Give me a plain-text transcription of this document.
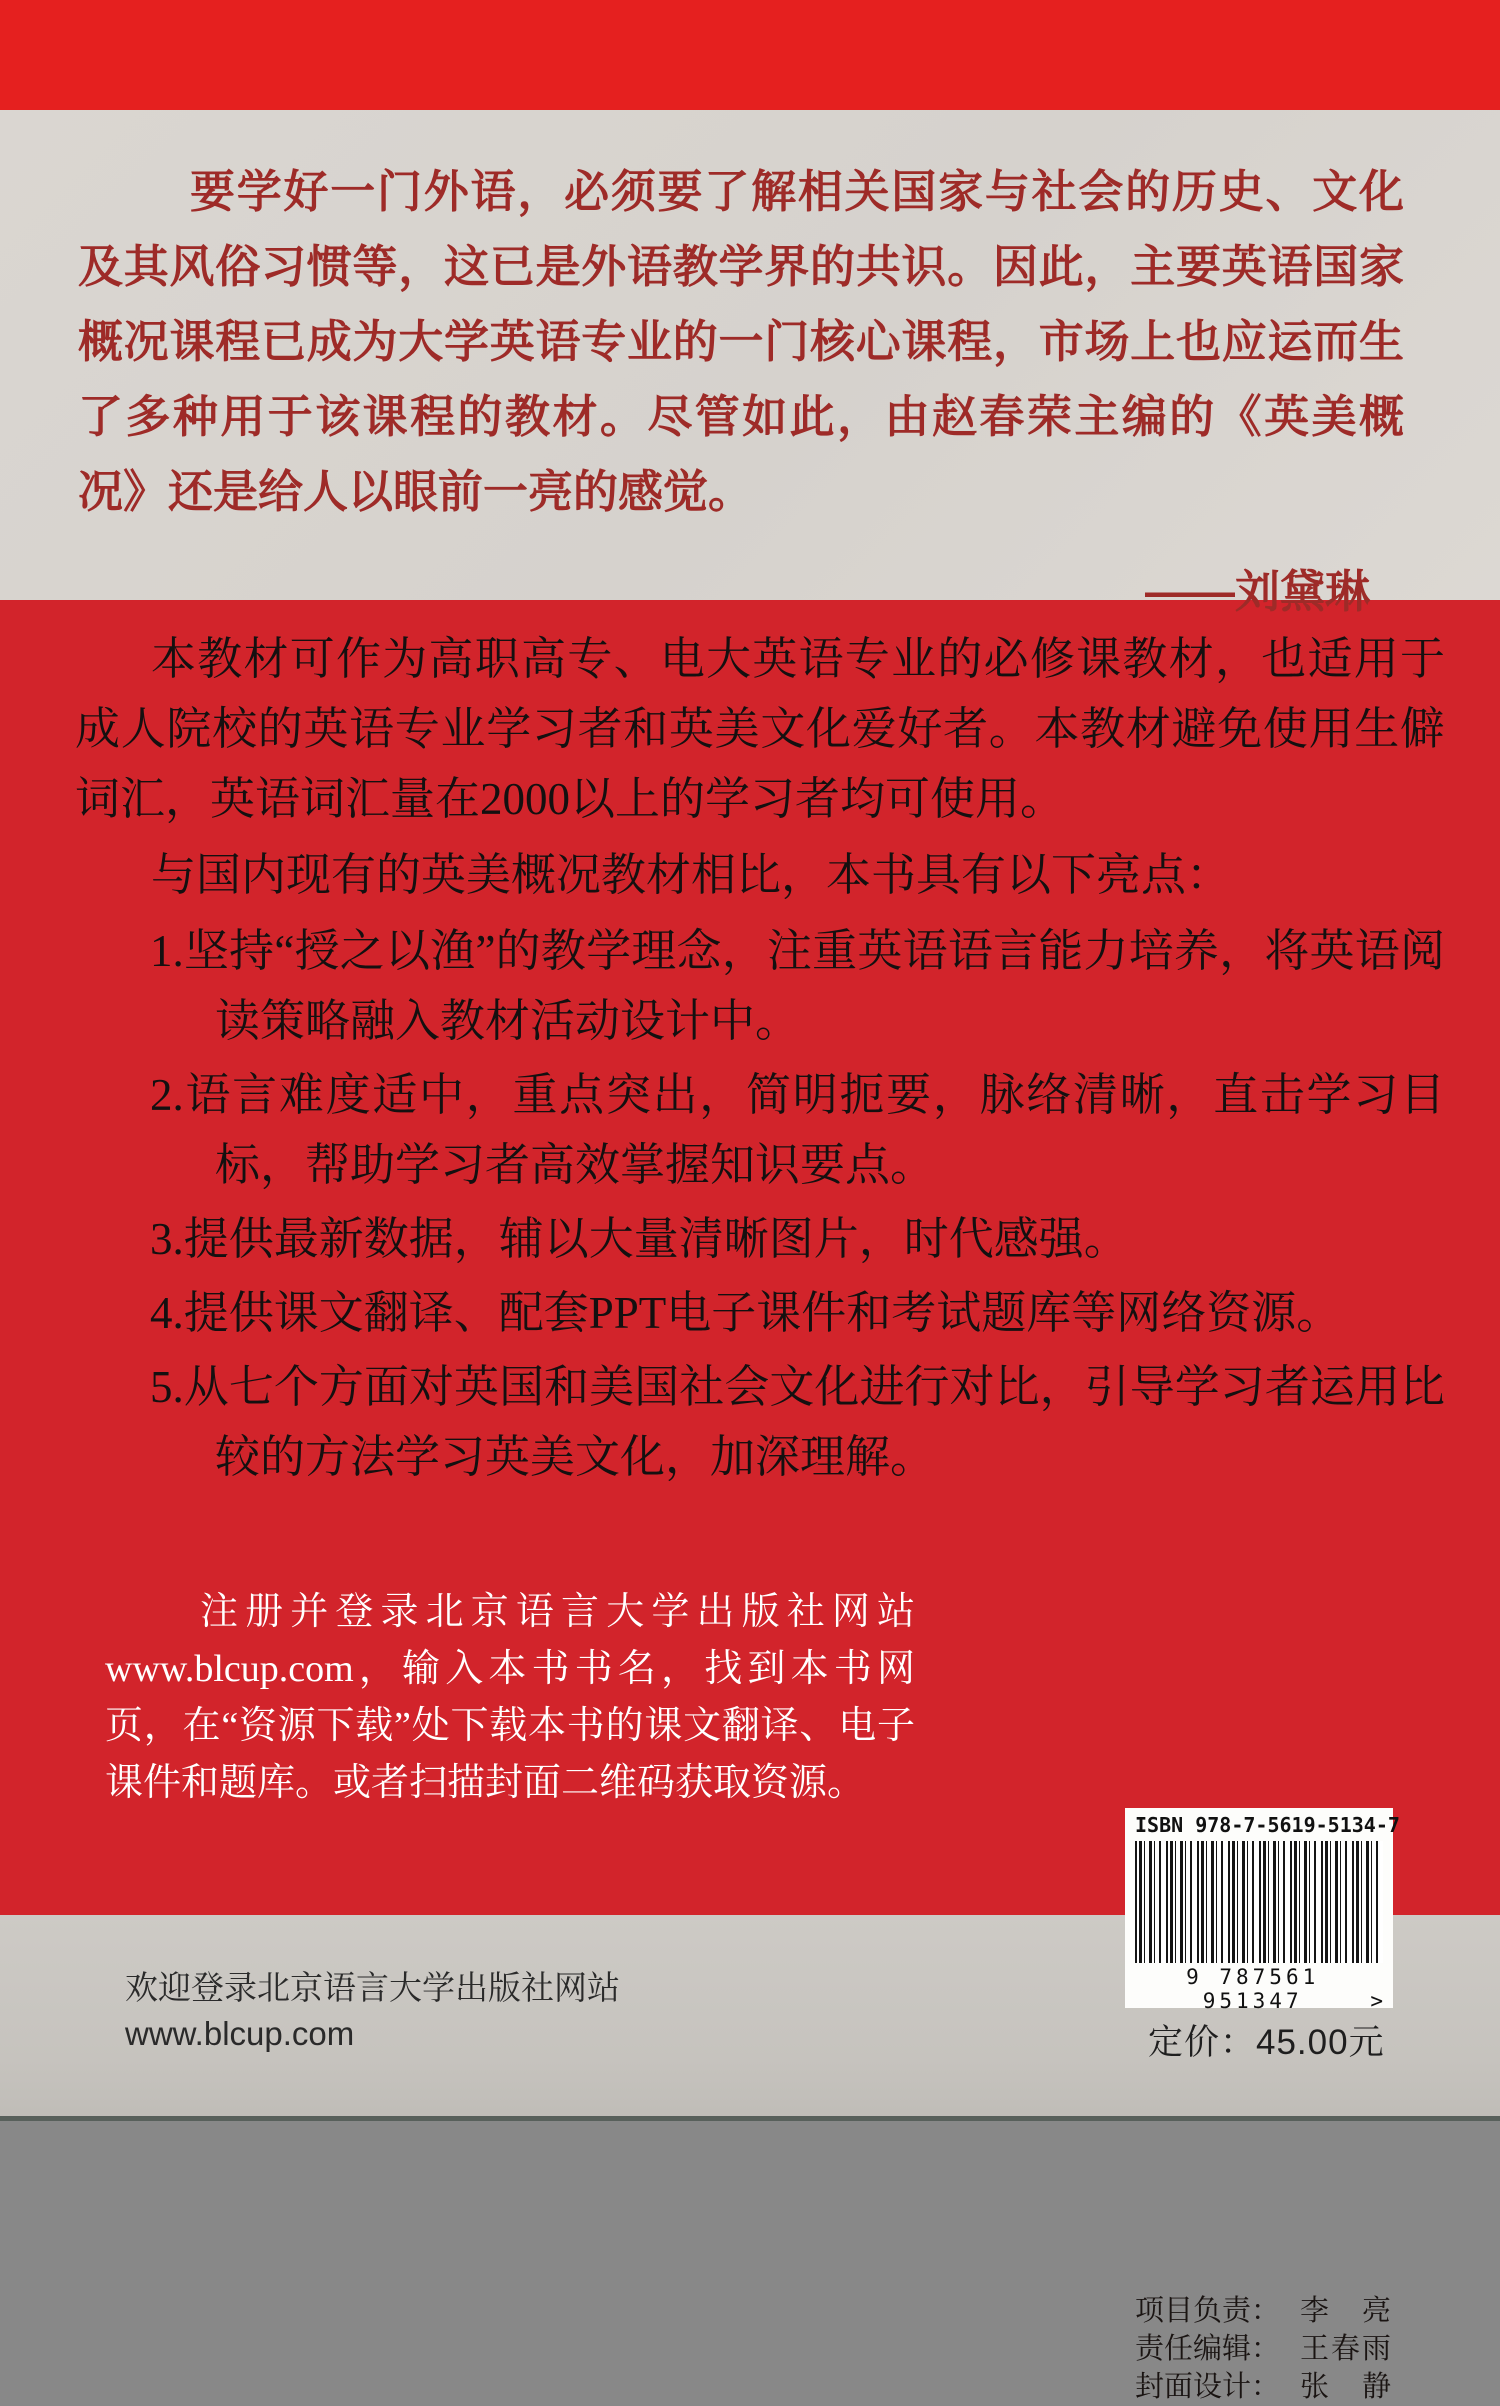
要学好一门外语，必须要了解相关国家与社会的历史、文化及其风俗习惯等，这已是外语教学界的共识。因此，主要英语国家概况课程已成为大学英语专业的一门核心课程，市场上也应运而生了多种用于该课程的教材。尽管如此，由赵春荣主编的《英美概况》还是给人以眼前一亮的感觉。

——刘黛琳

本教材可作为高职高专、电大英语专业的必修课教材，也适用于成人院校的英语专业学习者和英美文化爱好者。本教材避免使用生僻词汇，英语词汇量在2000以上的学习者均可使用。

与国内现有的英美概况教材相比，本书具有以下亮点：

1.坚持“授之以渔”的教学理念，注重英语语言能力培养，将英语阅读策略融入教材活动设计中。
2.语言难度适中，重点突出，简明扼要，脉络清晰，直击学习目标，帮助学习者高效掌握知识要点。
3.提供最新数据，辅以大量清晰图片，时代感强。
4.提供课文翻译、配套PPT电子课件和考试题库等网络资源。
5.从七个方面对英国和美国社会文化进行对比，引导学习者运用比较的方法学习英美文化，加深理解。

注册并登录北京语言大学出版社网站www.blcup.com，输入本书书名，找到本书网页，在“资源下载”处下载本书的课文翻译、电子课件和题库。或者扫描封面二维码获取资源。

项目负责： 李　亮
责任编辑： 王春雨
封面设计： 张　静
欢迎登录北京语言大学出版社网站
www.blcup.com	定价：45.00元
ISBN 978-7-5619-5134-7
9 787561 951347	>
